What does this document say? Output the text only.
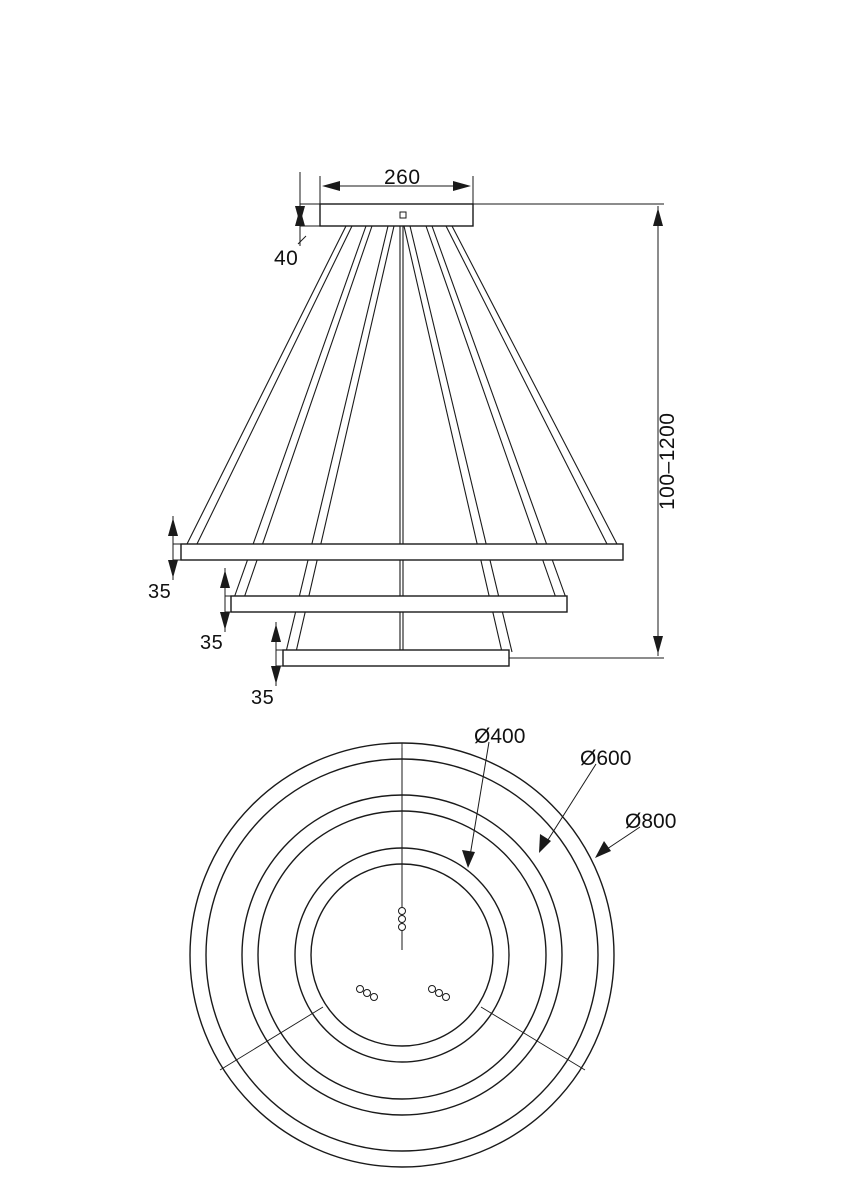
260
40
35
35
35
100–1200
Ø400
Ø600
Ø800
